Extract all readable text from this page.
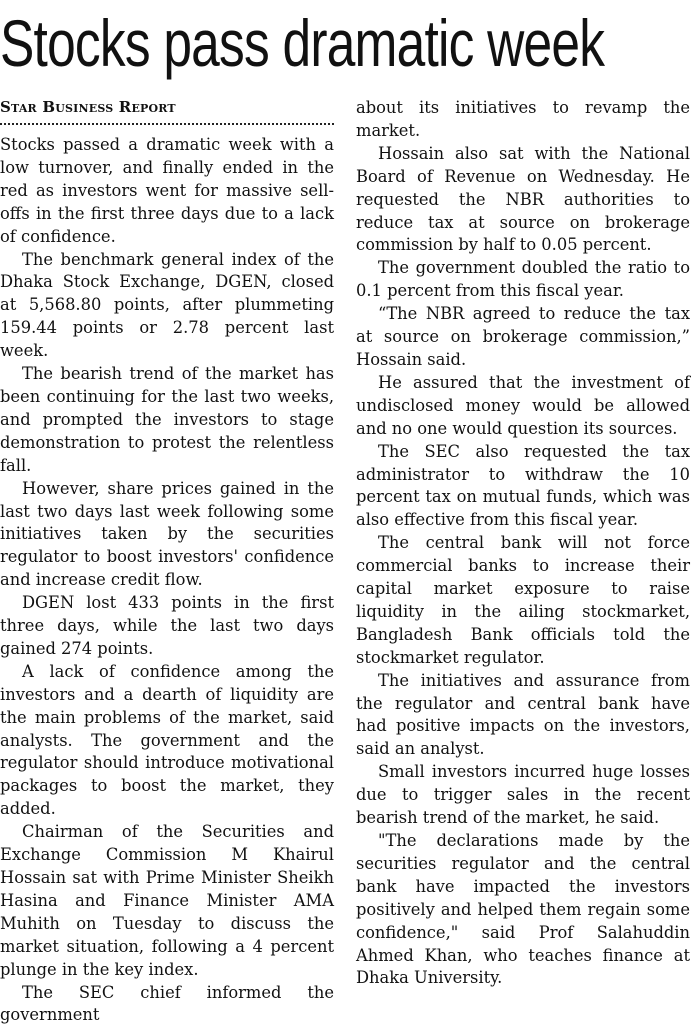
Stocks pass dramatic week
Star Business Report

Stocks passed a dramatic week with a low turnover, and finally ended in the red as investors went for massive sell-offs in the first three days due to a lack of confidence.

The benchmark general index of the Dhaka Stock Exchange, DGEN, closed at 5,568.80 points, after plummeting 159.44 points or 2.78 percent last week.

The bearish trend of the market has been continuing for the last two weeks, and prompted the investors to stage demonstration to protest the relentless fall.

However, share prices gained in the last two days last week following some initiatives taken by the securities regulator to boost investors' confidence and increase credit flow.

DGEN lost 433 points in the first three days, while the last two days gained 274 points.

A lack of confidence among the investors and a dearth of liquidity are the main problems of the market, said analysts. The government and the regulator should introduce motivational packages to boost the market, they added.

Chairman of the Securities and Exchange Commission M Khairul Hossain sat with Prime Minister Sheikh Hasina and Finance Minister AMA Muhith on Tuesday to discuss the market situation, following a 4 percent plunge in the key index.

The SEC chief informed the government

about its initiatives to revamp the market.

Hossain also sat with the National Board of Revenue on Wednesday. He requested the NBR authorities to reduce tax at source on brokerage commission by half to 0.05 percent.

The government doubled the ratio to 0.1 percent from this fiscal year.

“The NBR agreed to reduce the tax at source on brokerage commission,” Hossain said.

He assured that the investment of undisclosed money would be allowed and no one would question its sources.

The SEC also requested the tax administrator to withdraw the 10 percent tax on mutual funds, which was also effective from this fiscal year.

The central bank will not force commercial banks to increase their capital market exposure to raise liquidity in the ailing stockmarket, Bangladesh Bank officials told the stockmarket regulator.

The initiatives and assurance from the regulator and central bank have had positive impacts on the investors, said an analyst.

Small investors incurred huge losses due to trigger sales in the recent bearish trend of the market, he said.

"The declarations made by the securities regulator and the central bank have impacted the investors positively and helped them regain some confidence," said Prof Salahuddin Ahmed Khan, who teaches finance at Dhaka University.
